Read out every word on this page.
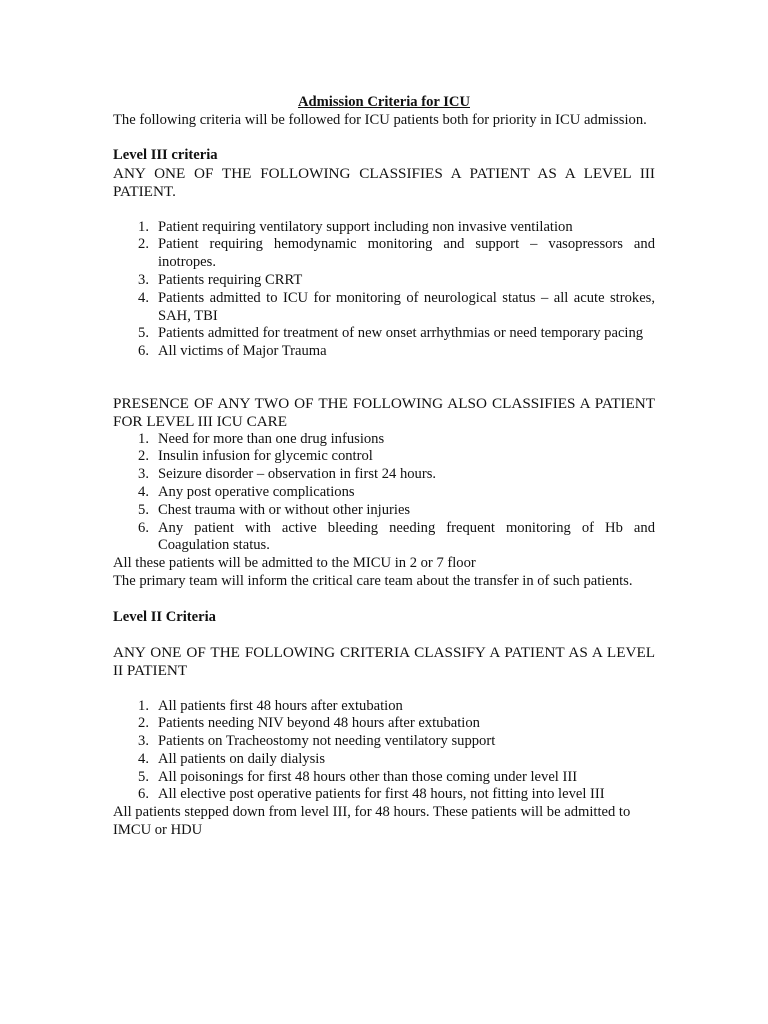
Admission Criteria for ICU

The following criteria will be followed for ICU patients both for priority in ICU admission.

Level III criteria

ANY ONE OF THE FOLLOWING CLASSIFIES A PATIENT AS A LEVEL III PATIENT.

1. Patient requiring ventilatory support including non invasive ventilation
2. Patient requiring hemodynamic monitoring and support – vasopressors and inotropes.
3. Patients requiring CRRT
4. Patients admitted to ICU for monitoring of neurological status – all acute strokes, SAH, TBI
5. Patients admitted for treatment of new onset arrhythmias or need temporary pacing
6. All victims of Major Trauma

PRESENCE OF ANY TWO OF THE FOLLOWING ALSO CLASSIFIES A PATIENT FOR LEVEL III ICU CARE

1. Need for more than one drug infusions
2. Insulin infusion for glycemic control
3. Seizure disorder – observation in first 24 hours.
4. Any post operative complications
5. Chest trauma with or without other injuries
6. Any patient with active bleeding needing frequent monitoring of Hb and Coagulation status.

All these patients will be admitted to the MICU in 2 or 7 floor

The primary team will inform the critical care team about the transfer in of such patients.

Level II Criteria

ANY ONE OF THE FOLLOWING CRITERIA CLASSIFY A PATIENT AS A LEVEL II PATIENT

1. All patients first 48 hours after extubation
2. Patients needing NIV beyond 48 hours after extubation
3. Patients on Tracheostomy not needing ventilatory support
4. All patients on daily dialysis
5. All poisonings for first 48 hours other than those coming under level III
6. All elective post operative patients for first 48 hours, not fitting into level III

All patients stepped down from level III, for 48 hours. These patients will be admitted to IMCU or HDU
